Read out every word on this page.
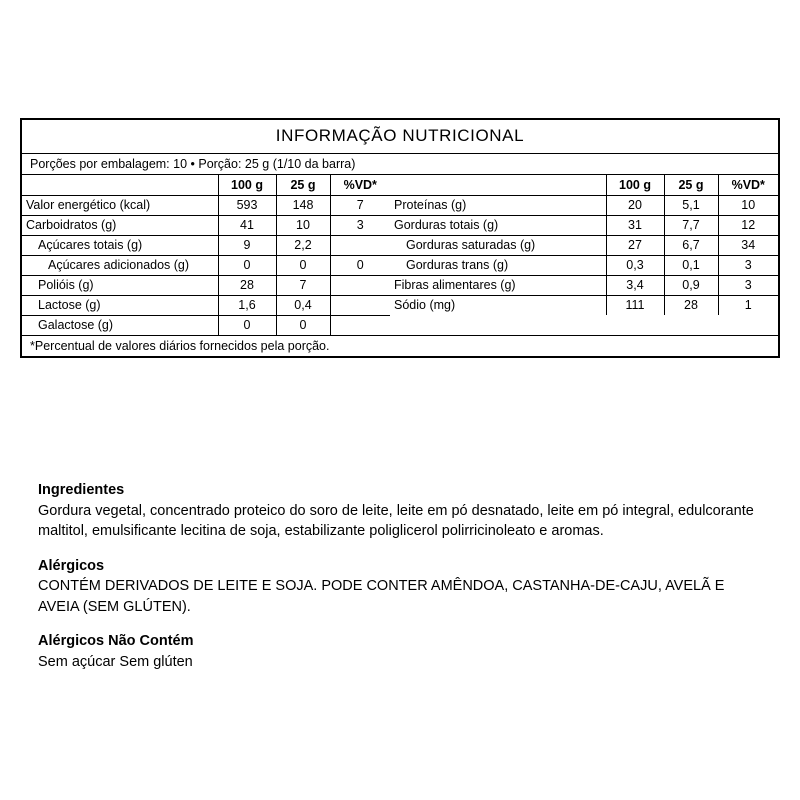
INFORMAÇÃO NUTRICIONAL
Porções por embalagem: 10 • Porção: 25 g (1/10 da barra)
	100 g	25 g	%VD*
Valor energético (kcal)	593	148	7
Carboidratos (g)	41	10	3
Açúcares totais (g)	9	2,2	
Açúcares adicionados (g)	0	0	0
Polióis (g)	28	7	
Lactose (g)	1,6	0,4	
Galactose (g)	0	0	
	100 g	25 g	%VD*
Proteínas (g)	20	5,1	10
Gorduras totais (g)	31	7,7	12
Gorduras saturadas (g)	27	6,7	34
Gorduras trans (g)	0,3	0,1	3
Fibras alimentares (g)	3,4	0,9	3
Sódio (mg)	111	28	1

*Percentual de valores diários fornecidos pela porção.
Ingredientes

Gordura vegetal, concentrado proteico do soro de leite, leite em pó desnatado, leite em pó integral, edulcorante maltitol, emulsificante lecitina de soja, estabilizante poliglicerol polirricinoleato e aromas.

Alérgicos

CONTÉM DERIVADOS DE LEITE E SOJA. PODE CONTER AMÊNDOA, CASTANHA-DE-CAJU, AVELÃ E AVEIA (SEM GLÚTEN).

Alérgicos Não Contém

Sem açúcar Sem glúten
